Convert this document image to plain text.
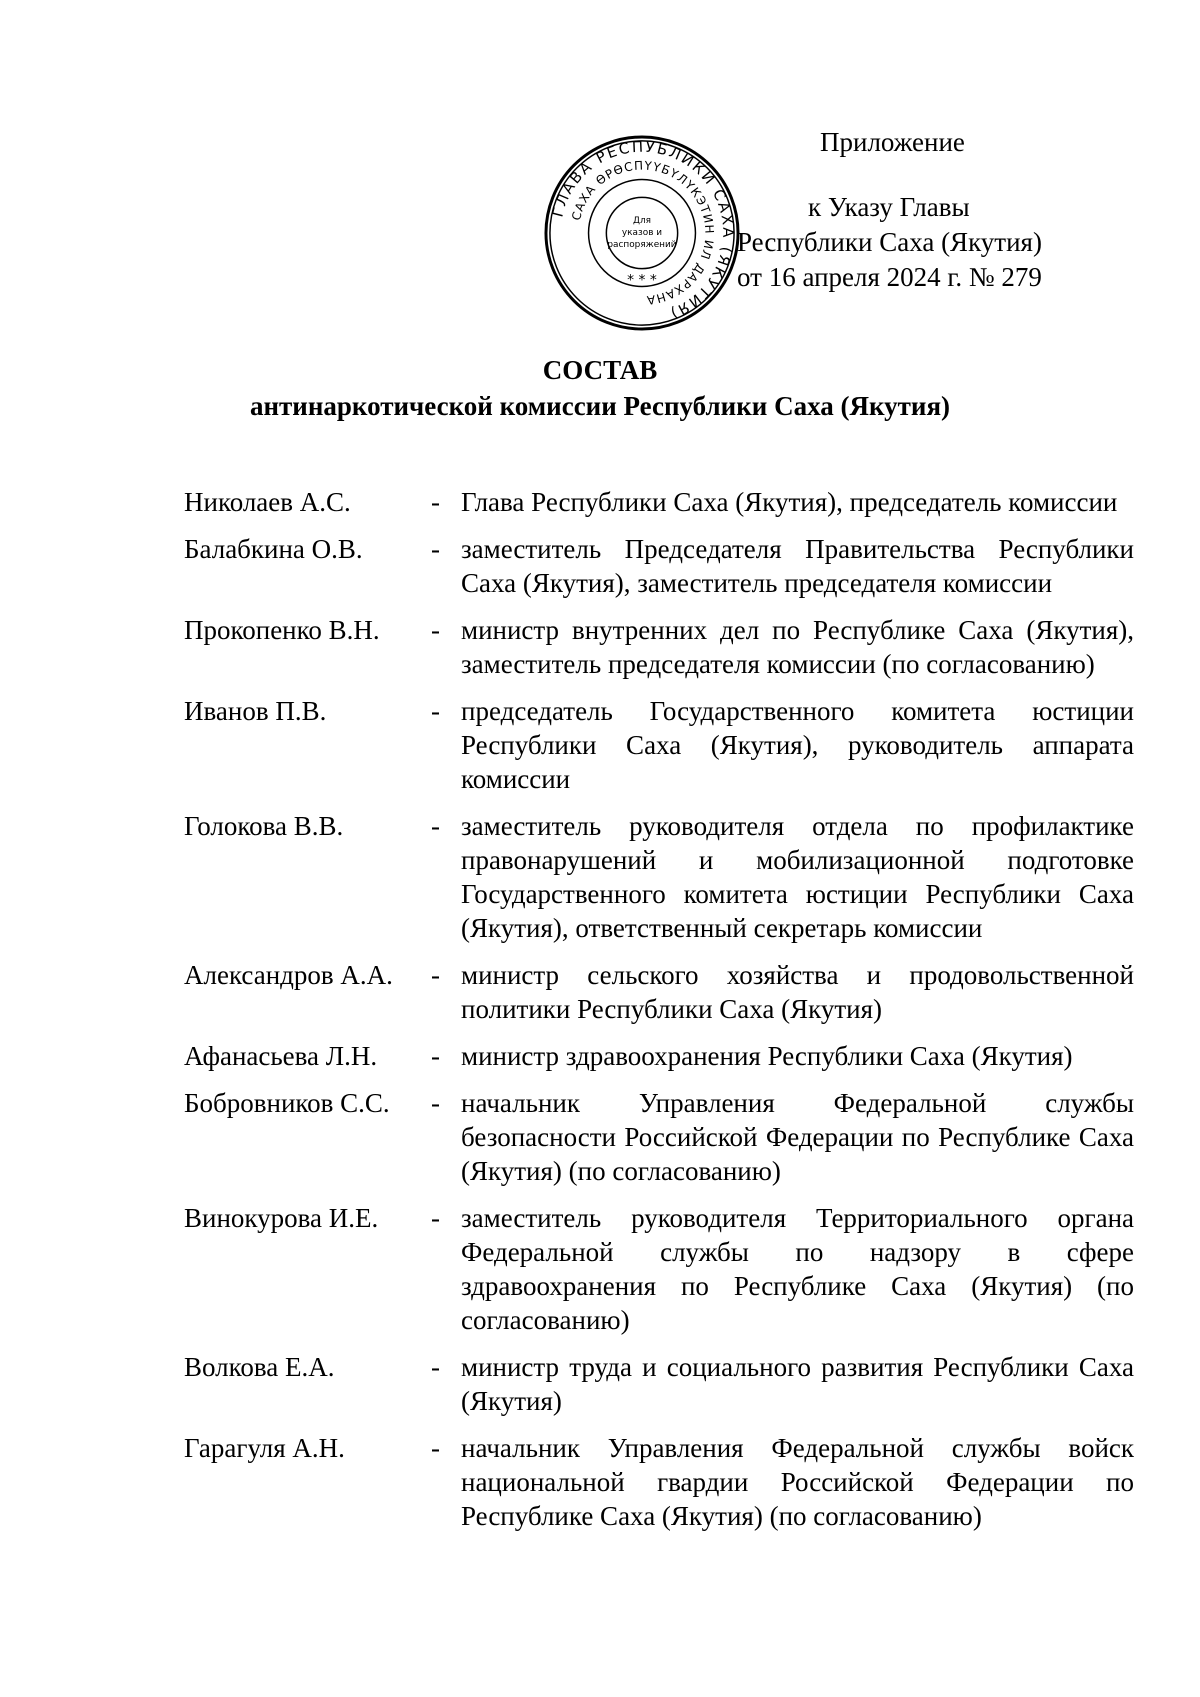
ГЛАВА РЕСПУБЛИКИ САХА (ЯКУТИЯ)
САХА ӨРӨСПҮҮБҮЛҮКЭТИН ИЛ ДАРХАНА
Для
указов и
распоряжений
* * *
Приложение
к Указу Главы
Республики Саха (Якутия)
от 16 апреля 2024 г. № 279
СОСТАВ
антинаркотической комиссии Республики Саха (Якутия)
Николаев А.С.	- Глава Республики Саха (Якутия), председатель комиссии
Балабкина О.В.	- заместитель Председателя Правительства Республики Саха (Якутия), заместитель председателя комиссии
Прокопенко В.Н.	- министр внутренних дел по Республике Саха (Якутия), заместитель председателя комиссии (по согласованию)
Иванов П.В.	- председатель Государственного комитета юстиции Республики Саха (Якутия), руководитель аппарата комиссии
Голокова В.В.	- заместитель руководителя отдела по профилактике правонарушений и мобилизационной подготовке Государственного комитета юстиции Республики Саха (Якутия), ответственный секретарь комиссии
Александров А.А.	- министр сельского хозяйства и продовольственной политики Республики Саха (Якутия)
Афанасьева Л.Н.	- министр здравоохранения Республики Саха (Якутия)
Бобровников С.С.	- начальник Управления Федеральной службы безопасности Российской Федерации по Республике Саха (Якутия) (по согласованию)
Винокурова И.Е.	- заместитель руководителя Территориального органа Федеральной службы по надзору в сфере здравоохранения по Республике Саха (Якутия) (по согласованию)
Волкова Е.А.	- министр труда и социального развития Республики Саха (Якутия)
Гарагуля А.Н.	- начальник Управления Федеральной службы войск национальной гвардии Российской Федерации по Республике Саха (Якутия) (по согласованию)
